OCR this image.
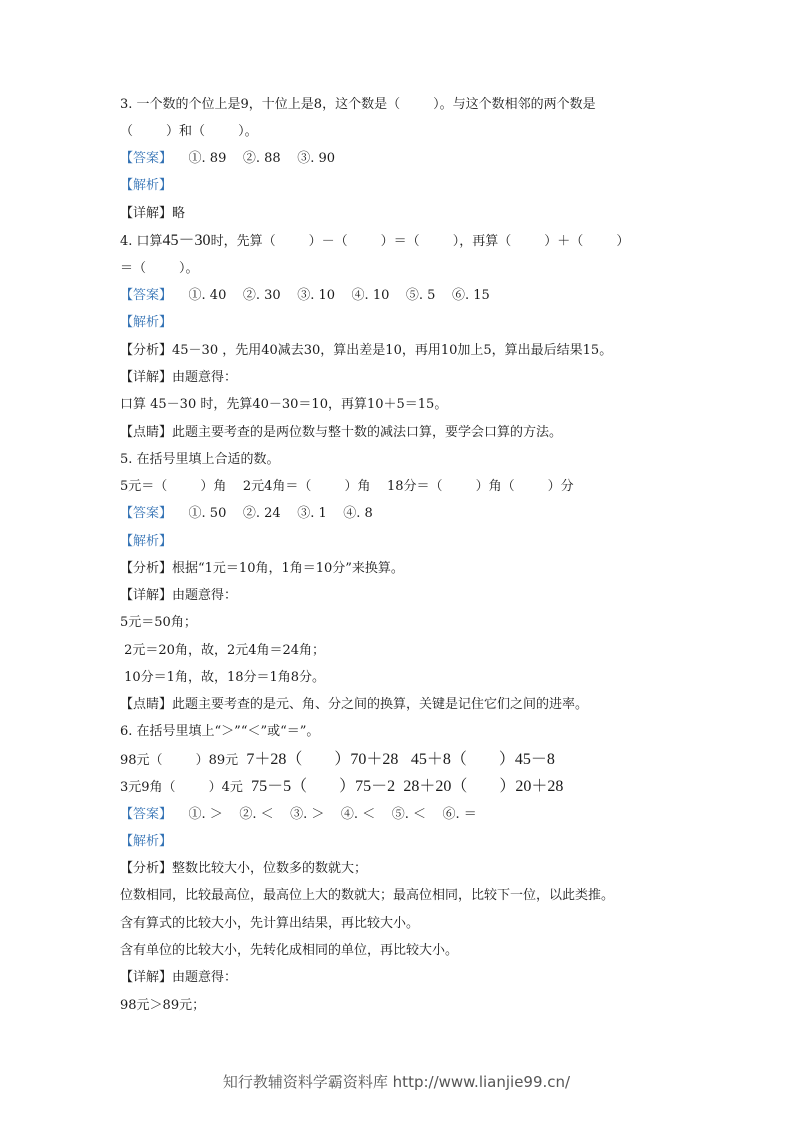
3. 一个数的个位上是9，十位上是8，这个数是（        ）。与这个数相邻的两个数是
（        ）和（        ）。
【答案】 ①. 89    ②. 88    ③. 90
【解析】
【详解】略
4. 口算45－30时，先算（        ）－（        ）＝（        ），再算（        ）＋（        ）
＝（        ）。
【答案】 ①. 40    ②. 30    ③. 10    ④. 10    ⑤. 5    ⑥. 15
【解析】
【分析】45－30 ，先用40减去30，算出差是10，再用10加上5，算出最后结果15。
【详解】由题意得：
口算 45－30 时，先算40－30＝10，再算10＋5＝15。
【点睛】此题主要考查的是两位数与整十数的减法口算，要学会口算的方法。
5. 在括号里填上合适的数。
5元＝（        ）角    2元4角＝（        ）角    18分＝（        ）角（        ）分
【答案】 ①. 50    ②. 24    ③. 1    ④. 8
【解析】
【分析】根据“1元＝10角，1角＝10分”来换算。
【详解】由题意得：
5元＝50角；
2元＝20角，故，2元4角＝24角；
10分＝1角，故，18分＝1角8分。
【点睛】此题主要考查的是元、角、分之间的换算，关键是记住它们之间的进率。
6. 在括号里填上“＞”“＜”或“＝”。
98元（        ）89元 7＋28（        ）70＋28 45＋8（        ）45－8
3元9角（        ）4元 75－5（        ）75－2 28＋20（        ）20＋28
【答案】 ①. ＞    ②. ＜    ③. ＞    ④. ＜    ⑤. ＜    ⑥. ＝
【解析】
【分析】整数比较大小，位数多的数就大；
位数相同，比较最高位，最高位上大的数就大；最高位相同，比较下一位，以此类推。
含有算式的比较大小，先计算出结果，再比较大小。
含有单位的比较大小，先转化成相同的单位，再比较大小。
【详解】由题意得：
98元＞89元；
知行教辅资料学霸资料库 http://www.lianjie99.cn/
